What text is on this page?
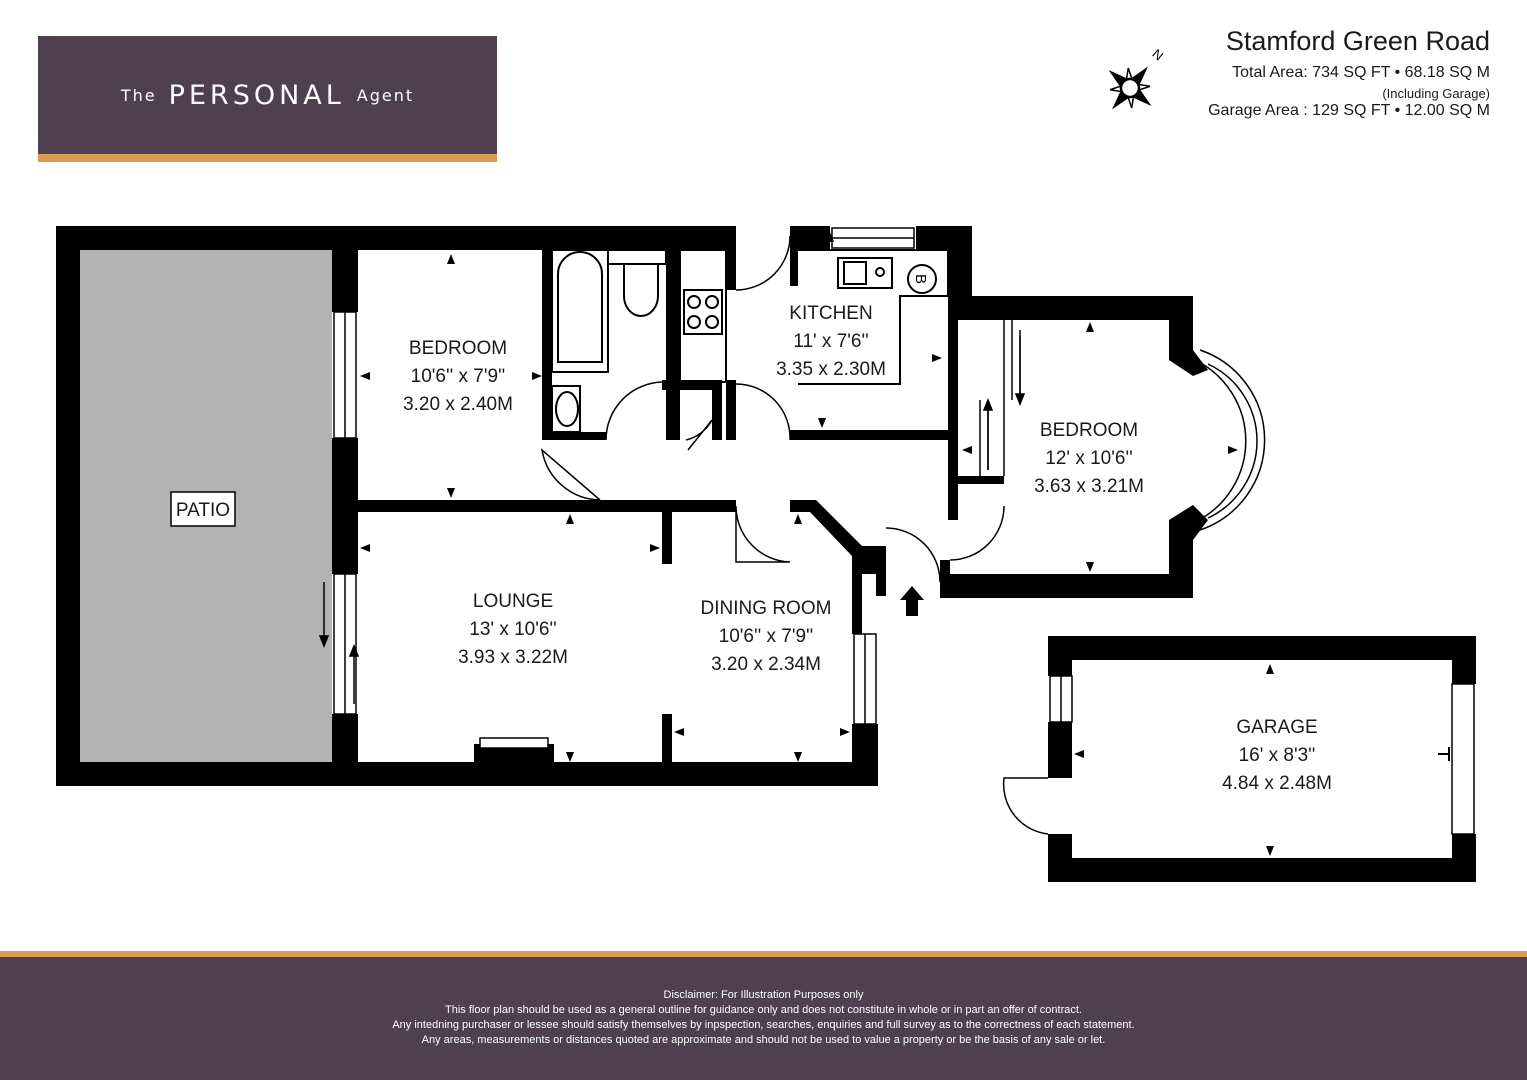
The PERSONAL Agent
Stamford Green Road
Total Area: 734 SQ FT • 68.18 SQ M
(Including Garage)
Garage Area : 129 SQ FT • 12.00 SQ M
N
B
PATIO
BEDROOM
10'6'' x 7'9''
3.20 x 2.40M
KITCHEN
11' x 7'6''
3.35 x 2.30M
BEDROOM
12' x 10'6''
3.63 x 3.21M
LOUNGE
13' x 10'6''
3.93 x 3.22M
DINING ROOM
10'6'' x 7'9''
3.20 x 2.34M
GARAGE
16' x 8'3''
4.84 x 2.48M
Disclaimer: For Illustration Purposes only
This floor plan should be used as a general outline for guidance only and does not constitute in whole or in part an offer of contract.
Any intedning purchaser or lessee should satisfy themselves by inpspection, searches, enquiries and full survey as to the correctness of each statement.
Any areas, measurements or distances quoted are approximate and should not be used to value a property or be the basis of any sale or let.
